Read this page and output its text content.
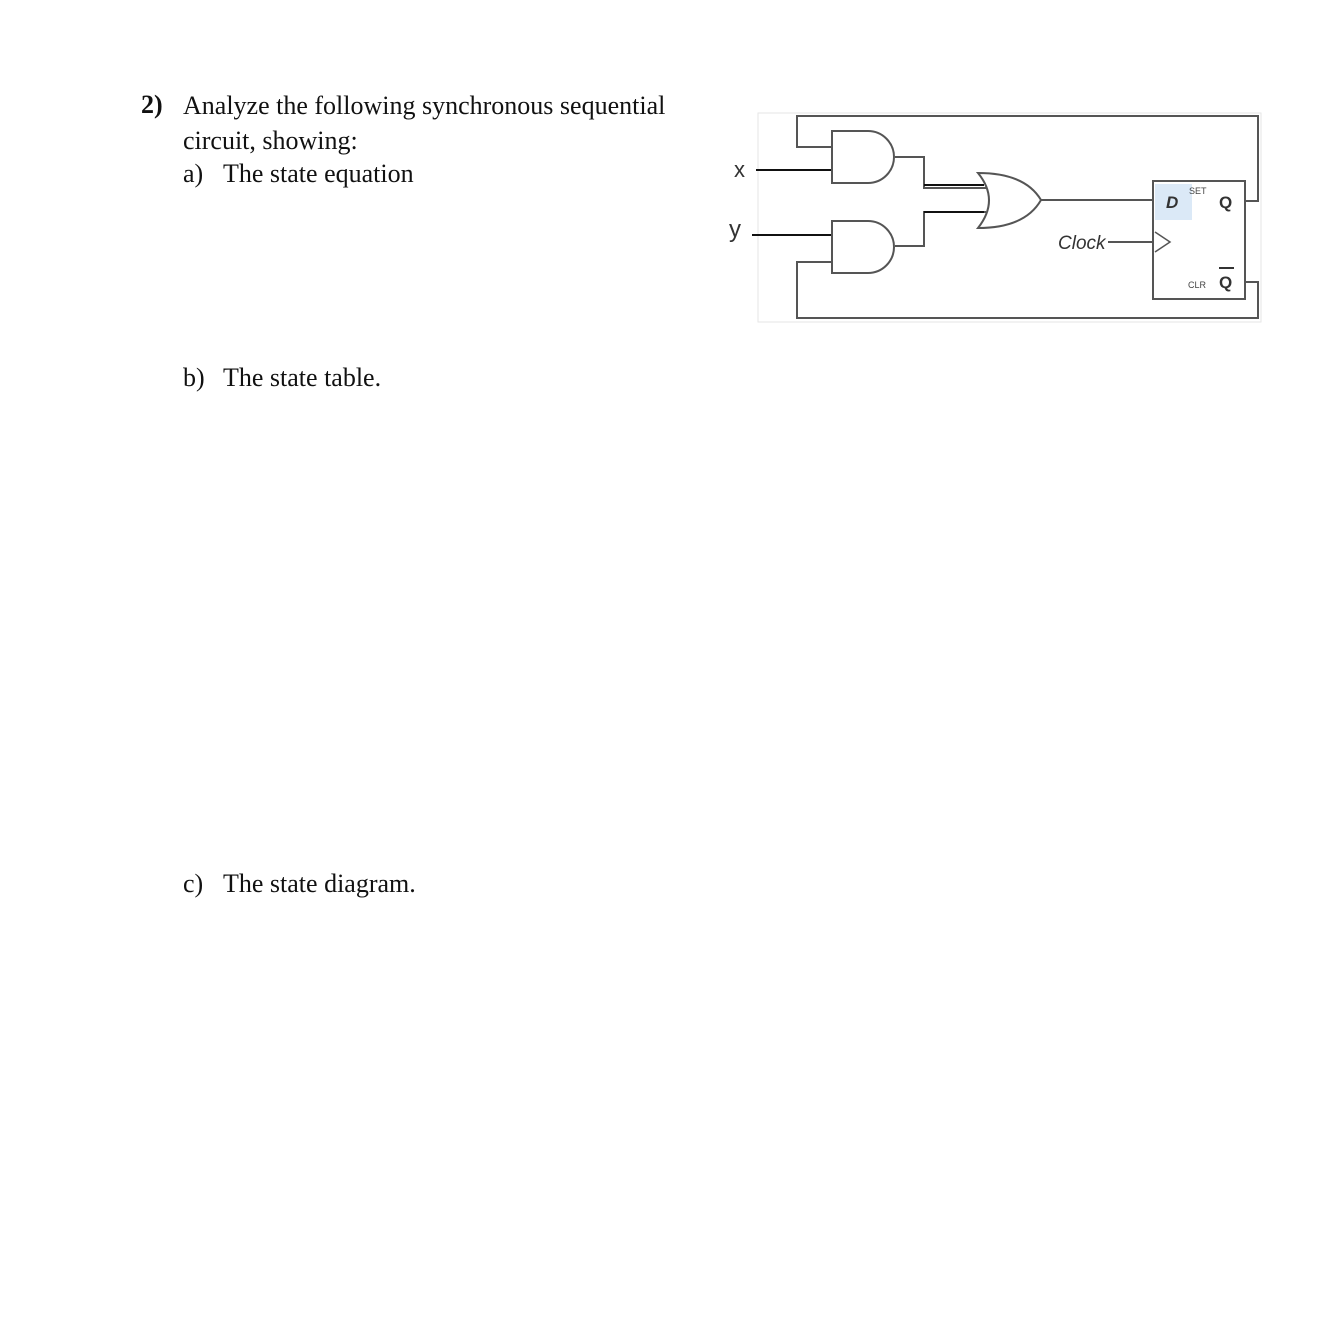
2) Analyze the following synchronous sequential
circuit, showing:
a) The state equation
b) The state table.
c) The state diagram.
x
y
Clock
D
SET
Q
CLR Q
